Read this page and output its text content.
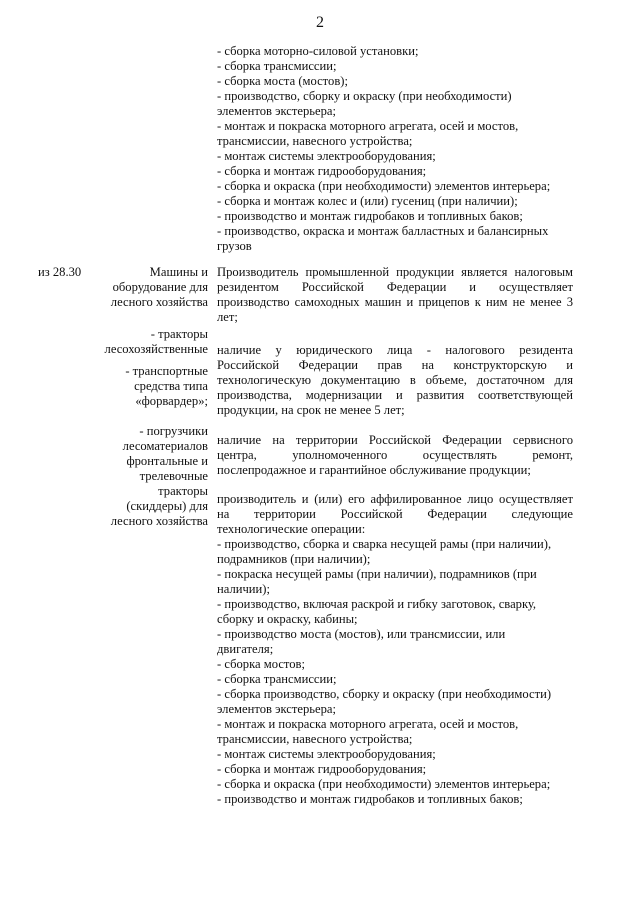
2
- сборка моторно-силовой установки;
- сборка трансмиссии;
- сборка моста (мостов);
- производство, сборку и окраску (при необходимости)
элементов экстерьера;
- монтаж и покраска моторного агрегата, осей и мостов,
трансмиссии, навесного устройства;
- монтаж системы электрооборудования;
- сборка и монтаж гидрооборудования;
- сборка и окраска (при необходимости) элементов интерьера;
- сборка и монтаж колес и (или) гусениц (при наличии);
- производство и монтаж гидробаков и топливных баков;
- производство, окраска и монтаж балластных и балансирных
грузов
из 28.30	Машины и
оборудование для
лесного хозяйства
- тракторы
лесохозяйственные
- транспортные
средства типа
«форвардер»;
- погрузчики
лесоматериалов
фронтальные и
трелевочные
тракторы
(скиддеры) для
лесного хозяйства
Производитель промышленной продукции является налоговым
резидентом Российской Федерации и осуществляет
производство самоходных машин и прицепов к ним не менее 3
лет;
наличие у юридического лица - налогового резидента
Российской Федерации прав на конструкторскую и
технологическую документацию в объеме, достаточном для
производства, модернизации и развития соответствующей
продукции, на срок не менее 5 лет;
наличие на территории Российской Федерации сервисного
центра, уполномоченного осуществлять ремонт,
послепродажное и гарантийное обслуживание продукции;
производитель и (или) его аффилированное лицо осуществляет
на территории Российской Федерации следующие
технологические операции:
- производство, сборка и сварка несущей рамы (при наличии),
подрамников (при наличии);
- покраска несущей рамы (при наличии), подрамников (при
наличии);
- производство, включая раскрой и гибку заготовок, сварку,
сборку и окраску, кабины;
- производство моста (мостов), или трансмиссии, или
двигателя;
- сборка мостов;
- сборка трансмиссии;
- сборка производство, сборку и окраску (при необходимости)
элементов экстерьера;
- монтаж и покраска моторного агрегата, осей и мостов,
трансмиссии, навесного устройства;
- монтаж системы электрооборудования;
- сборка и монтаж гидрооборудования;
- сборка и окраска (при необходимости) элементов интерьера;
- производство и монтаж гидробаков и топливных баков;
